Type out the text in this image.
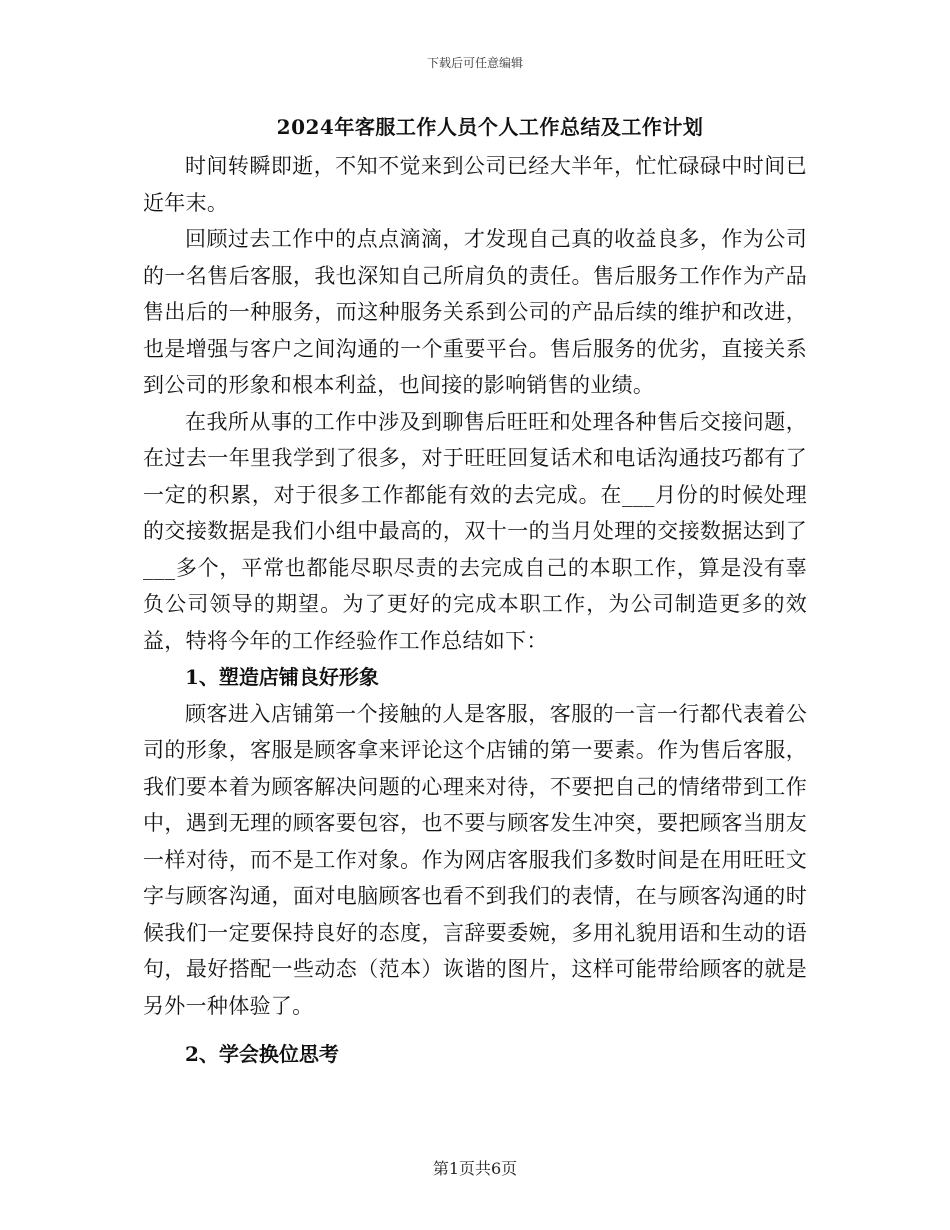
下载后可任意编辑
2024年客服工作人员个人工作总结及工作计划

时间转瞬即逝，不知不觉来到公司已经大半年，忙忙碌碌中时间已近年末。

回顾过去工作中的点点滴滴，才发现自己真的收益良多，作为公司的一名售后客服，我也深知自己所肩负的责任。售后服务工作作为产品售出后的一种服务，而这种服务关系到公司的产品后续的维护和改进，也是增强与客户之间沟通的一个重要平台。售后服务的优劣，直接关系到公司的形象和根本利益，也间接的影响销售的业绩。

在我所从事的工作中涉及到聊售后旺旺和处理各种售后交接问题，在过去一年里我学到了很多，对于旺旺回复话术和电话沟通技巧都有了一定的积累，对于很多工作都能有效的去完成。在___月份的时候处理的交接数据是我们小组中最高的，双十一的当月处理的交接数据达到了___多个，平常也都能尽职尽责的去完成自己的本职工作，算是没有辜负公司领导的期望。为了更好的完成本职工作，为公司制造更多的效益，特将今年的工作经验作工作总结如下：

1、塑造店铺良好形象

顾客进入店铺第一个接触的人是客服，客服的一言一行都代表着公司的形象，客服是顾客拿来评论这个店铺的第一要素。作为售后客服，我们要本着为顾客解决问题的心理来对待，不要把自己的情绪带到工作中，遇到无理的顾客要包容，也不要与顾客发生冲突，要把顾客当朋友一样对待，而不是工作对象。作为网店客服我们多数时间是在用旺旺文字与顾客沟通，面对电脑顾客也看不到我们的表情，在与顾客沟通的时候我们一定要保持良好的态度，言辞要委婉，多用礼貌用语和生动的语句，最好搭配一些动态（范本）诙谐的图片，这样可能带给顾客的就是另外一种体验了。

2、学会换位思考
第1页共6页
